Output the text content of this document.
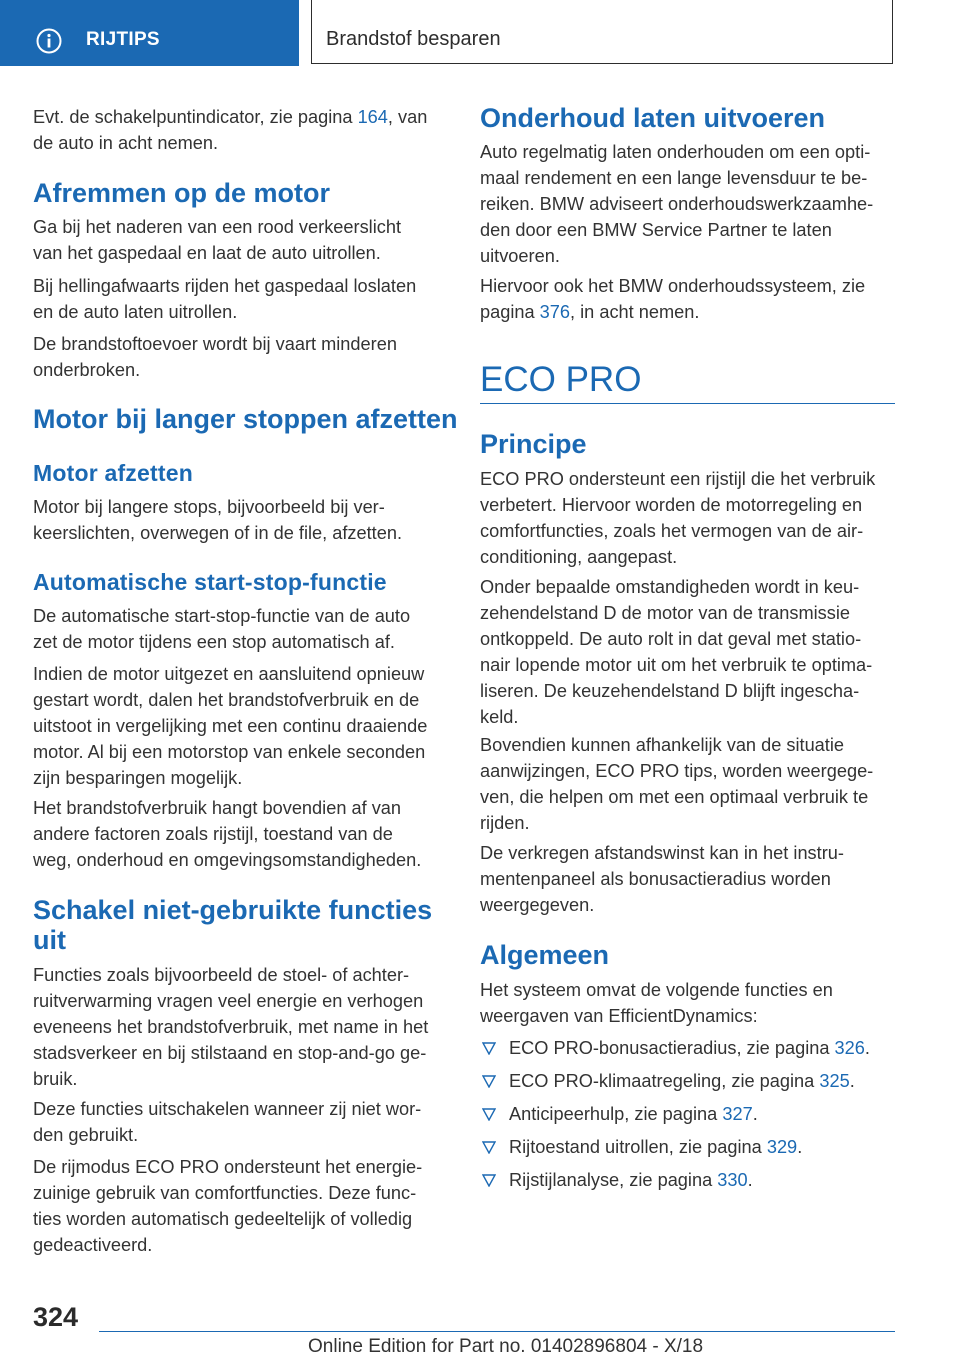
RIJTIPS	Brandstof besparen
Evt. de schakelpuntindicator, zie pagina 164, van
de auto in acht nemen.
Afremmen op de motor
Ga bij het naderen van een rood verkeerslicht
van het gaspedaal en laat de auto uitrollen.
Bij hellingafwaarts rijden het gaspedaal loslaten
en de auto laten uitrollen.
De brandstoftoevoer wordt bij vaart minderen
onderbroken.
Motor bij langer stoppen afzetten
Motor afzetten
Motor bij langere stops, bijvoorbeeld bij ver-
keerslichten, overwegen of in de file, afzetten.
Automatische start-stop-functie
De automatische start-stop-functie van de auto
zet de motor tijdens een stop automatisch af.
Indien de motor uitgezet en aansluitend opnieuw
gestart wordt, dalen het brandstofverbruik en de
uitstoot in vergelijking met een continu draaiende
motor. Al bij een motorstop van enkele seconden
zijn besparingen mogelijk.
Het brandstofverbruik hangt bovendien af van
andere factoren zoals rijstijl, toestand van de
weg, onderhoud en omgevingsomstandigheden.
Schakel niet-gebruikte functies
uit
Functies zoals bijvoorbeeld de stoel- of achter-
ruitverwarming vragen veel energie en verhogen
eveneens het brandstofverbruik, met name in het
stadsverkeer en bij stilstaand en stop-and-go ge-
bruik.
Deze functies uitschakelen wanneer zij niet wor-
den gebruikt.
De rijmodus ECO PRO ondersteunt het energie-
zuinige gebruik van comfortfuncties. Deze func-
ties worden automatisch gedeeltelijk of volledig
gedeactiveerd.
Onderhoud laten uitvoeren
Auto regelmatig laten onderhouden om een opti-
maal rendement en een lange levensduur te be-
reiken. BMW adviseert onderhoudswerkzaamhe-
den door een BMW Service Partner te laten
uitvoeren.
Hiervoor ook het BMW onderhoudssysteem, zie
pagina 376, in acht nemen.
ECO PRO
Principe
ECO PRO ondersteunt een rijstijl die het verbruik
verbetert. Hiervoor worden de motorregeling en
comfortfuncties, zoals het vermogen van de air-
conditioning, aangepast.
Onder bepaalde omstandigheden wordt in keu-
zehendelstand D de motor van de transmissie
ontkoppeld. De auto rolt in dat geval met statio-
nair lopende motor uit om het verbruik te optima-
liseren. De keuzehendelstand D blijft ingescha-
keld.
Bovendien kunnen afhankelijk van de situatie
aanwijzingen, ECO PRO tips, worden weergege-
ven, die helpen om met een optimaal verbruik te
rijden.
De verkregen afstandswinst kan in het instru-
mentenpaneel als bonusactieradius worden
weergegeven.
Algemeen
Het systeem omvat de volgende functies en
weergaven van EfficientDynamics:
ECO PRO-bonusactieradius, zie pagina 326.
ECO PRO-klimaatregeling, zie pagina 325.
Anticipeerhulp, zie pagina 327.
Rijtoestand uitrollen, zie pagina 329.
Rijstijlanalyse, zie pagina 330.
324
Online Edition for Part no. 01402896804 - X/18
